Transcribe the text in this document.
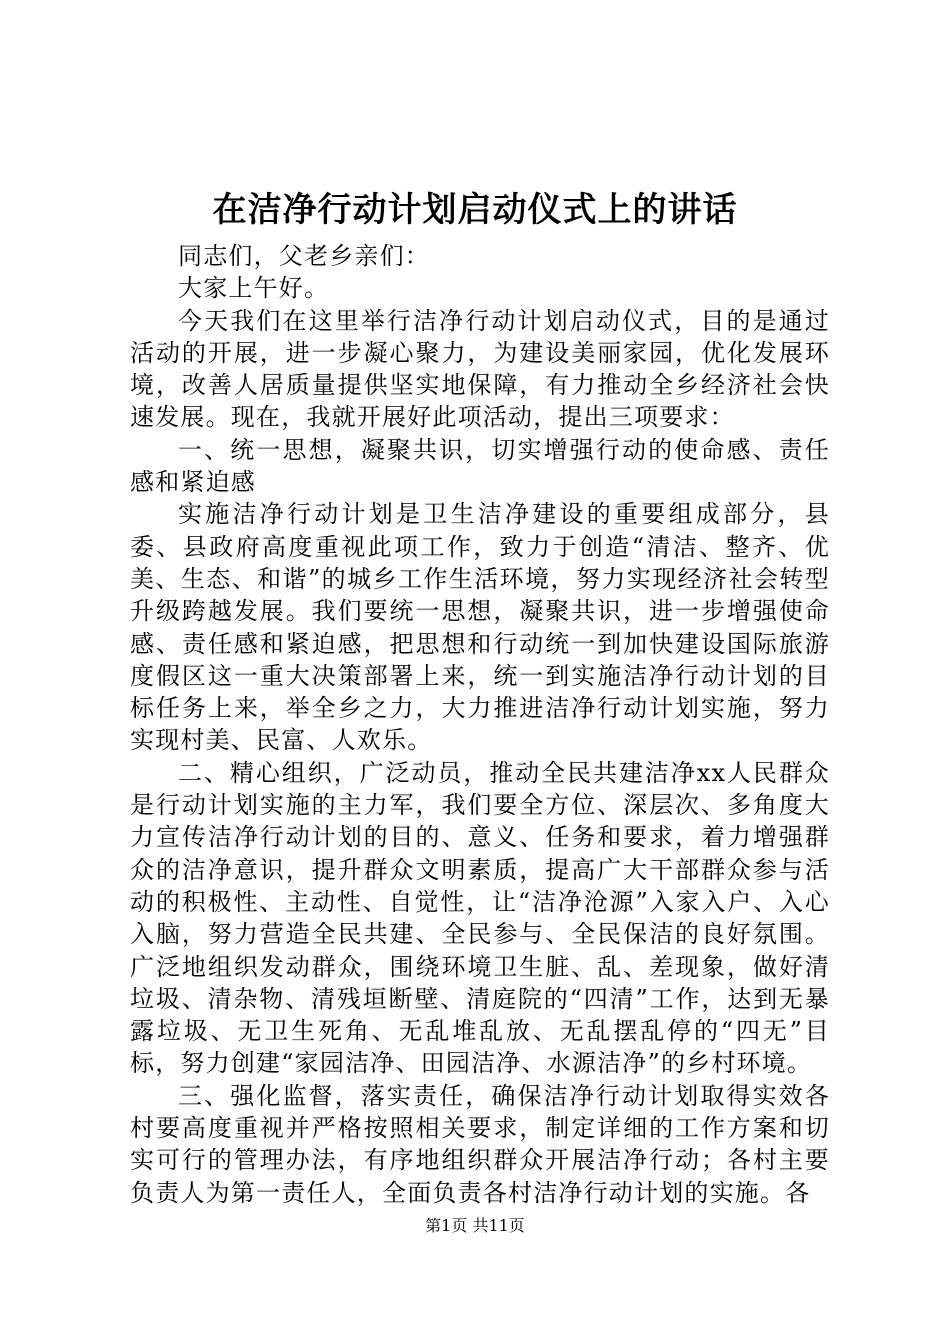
在洁净行动计划启动仪式上的讲话

同志们，父老乡亲们：

大家上午好。

今天我们在这里举行洁净行动计划启动仪式，目的是通过活动的开展，进一步凝心聚力，为建设美丽家园，优化发展环境，改善人居质量提供坚实地保障，有力推动全乡经济社会快速发展。现在，我就开展好此项活动，提出三项要求：

一、统一思想，凝聚共识，切实增强行动的使命感、责任感和紧迫感

实施洁净行动计划是卫生洁净建设的重要组成部分，县委、县政府高度重视此项工作，致力于创造“清洁、整齐、优美、生态、和谐”的城乡工作生活环境，努力实现经济社会转型升级跨越发展。我们要统一思想，凝聚共识，进一步增强使命感、责任感和紧迫感，把思想和行动统一到加快建设国际旅游度假区这一重大决策部署上来，统一到实施洁净行动计划的目标任务上来，举全乡之力，大力推进洁净行动计划实施，努力实现村美、民富、人欢乐。

二、精心组织，广泛动员，推动全民共建洁净xx人民群众是行动计划实施的主力军，我们要全方位、深层次、多角度大力宣传洁净行动计划的目的、意义、任务和要求，着力增强群众的洁净意识，提升群众文明素质，提高广大干部群众参与活动的积极性、主动性、自觉性，让“洁净沧源”入家入户、入心入脑，努力营造全民共建、全民参与、全民保洁的良好氛围。广泛地组织发动群众，围绕环境卫生脏、乱、差现象，做好清垃圾、清杂物、清残垣断壁、清庭院的“四清”工作，达到无暴露垃圾、无卫生死角、无乱堆乱放、无乱摆乱停的“四无”目标，努力创建“家园洁净、田园洁净、水源洁净”的乡村环境。

三、强化监督，落实责任，确保洁净行动计划取得实效各村要高度重视并严格按照相关要求，制定详细的工作方案和切实可行的管理办法，有序地组织群众开展洁净行动；各村主要负责人为第一责任人，全面负责各村洁净行动计划的实施。各

第1页 共11页
